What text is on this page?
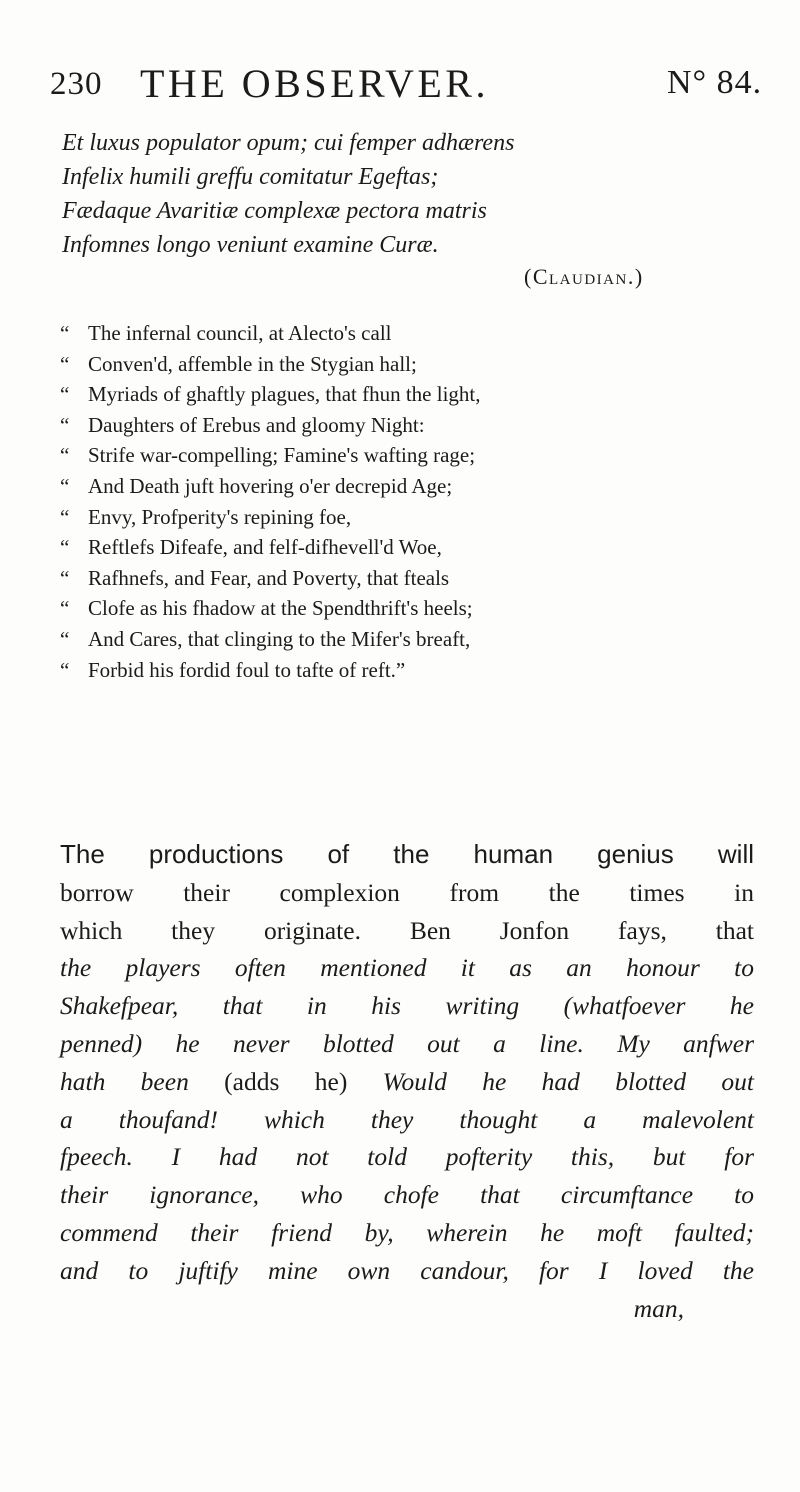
230 THE OBSERVER.	N° 84.
Et luxus populator opum; cui femper adhærens
Infelix humili greffu comitatur Egeftas;
Fædaque Avaritiæ complexæ pectora matris
Infomnes longo veniunt examine Curæ.
(Claudian.)
“ The infernal council, at Alecto's call
“ Conven'd, affemble in the Stygian hall;
“ Myriads of ghaftly plagues, that fhun the light,
“ Daughters of Erebus and gloomy Night:
“ Strife war-compelling; Famine's wafting rage;
“ And Death juft hovering o'er decrepid Age;
“ Envy, Profperity's repining foe,
“ Reftlefs Difeafe, and felf-difhevell'd Woe,
“ Rafhnefs, and Fear, and Poverty, that fteals
“ Clofe as his fhadow at the Spendthrift's heels;
“ And Cares, that clinging to the Mifer's breaft,
“ Forbid his fordid foul to tafte of reft.”
The productions of the human genius will
borrow their complexion from the times in
which they originate. Ben Jonfon fays, that
the players often mentioned it as an honour to
Shakefpear, that in his writing (whatfoever he
penned) he never blotted out a line. My anfwer
hath been (adds he) Would he had blotted out
a thoufand! which they thought a malevolent
fpeech. I had not told pofterity this, but for
their ignorance, who chofe that circumftance to
commend their friend by, wherein he moft faulted;
and to juftify mine own candour, for I loved the
man,
